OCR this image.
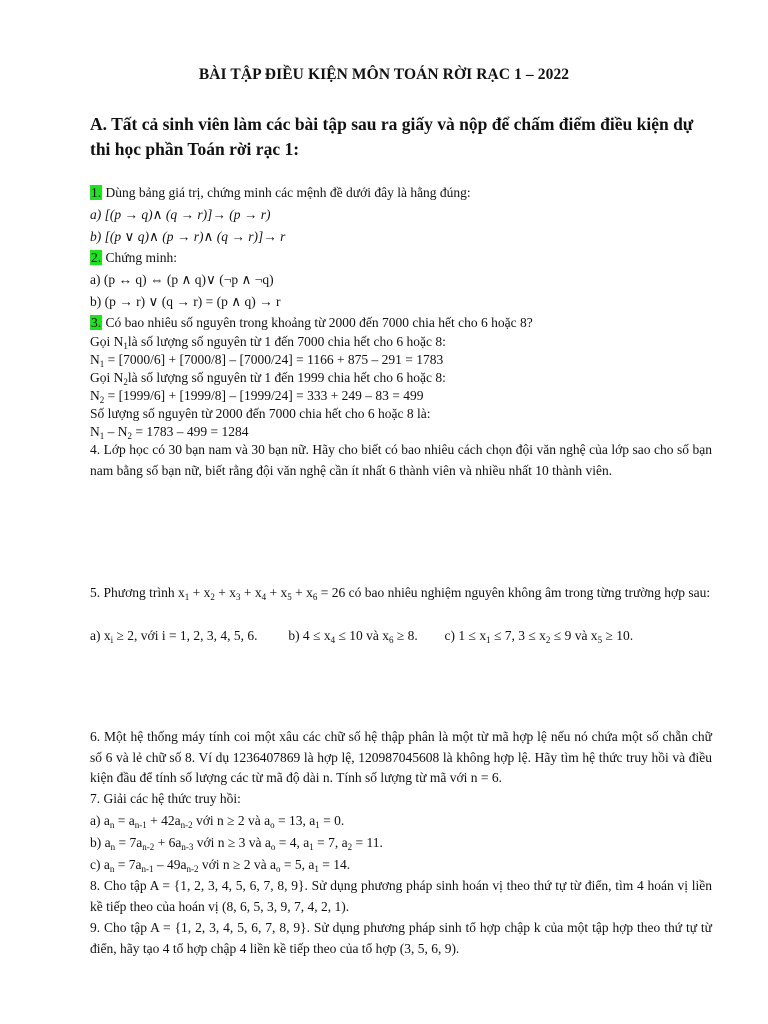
BÀI TẬP ĐIỀU KIỆN MÔN TOÁN RỜI RẠC 1 – 2022
A. Tất cả sinh viên làm các bài tập sau ra giấy và nộp để chấm điểm điều kiện dự thi học phần Toán rời rạc 1:
1. Dùng bảng giá trị, chứng minh các mệnh đề dưới đây là hằng đúng:
a) [(p → q)∧ (q → r)]→ (p → r)
b) [(p ∨ q)∧ (p → r)∧ (q → r)]→ r
2. Chứng minh:
a) (p ↔ q) ⇔ (p ∧ q)∨ (¬p ∧ ¬q)
b) (p → r) ∨ (q → r) = (p ∧ q) → r
3. Có bao nhiêu số nguyên trong khoảng từ 2000 đến 7000 chia hết cho 6 hoặc 8?
Gọi $N_1là$ số lượng số nguyên từ 1 đến 7000 chia hết cho 6 hoặc 8:
$N_1 = [7000/6] + [7000/8] - [7000/24] = 1166 + 875 - 291 = 1783$
Gọi $N_2là$ số lượng số nguyên từ 1 đến 1999 chia hết cho 6 hoặc 8:
$N_2 = [1999/6] + [1999/8] - [1999/24] = 333 + 249 - 83 = 499$
Số lượng số nguyên từ 2000 đến 7000 chia hết cho 6 hoặc 8 là:
$N_1 - N_2 = 1783 - 499 = 1284$
4. Lớp học có 30 bạn nam và 30 bạn nữ. Hãy cho biết có bao nhiêu cách chọn đội văn nghệ của lớp sao cho số bạn nam bằng số bạn nữ, biết rằng đội văn nghệ cần ít nhất 6 thành viên và nhiều nhất 10 thành viên.
5. Phương trình $x_1 + x_2 + x_3 + x_4 + x_5 + x_6 = 26$ có bao nhiêu nghiệm nguyên không âm trong từng trường hợp sau:
a) $x_i \ge 2$, với i = 1, 2, 3, 4, 5, 6. b) $4 \le x_4 \le 10$ và $x_6 \ge 8$. c) $1 \le x_1 \le 7$, $3 \le x_2 \le 9$ và $x_5 \ge 10$.
6. Một hệ thống máy tính coi một xâu các chữ số hệ thập phân là một từ mã hợp lệ nếu nó chứa một số chẵn chữ số 6 và lẻ chữ số 8. Ví dụ 1236407869 là hợp lệ, 120987045608 là không hợp lệ. Hãy tìm hệ thức truy hồi và điều kiện đầu để tính số lượng các từ mã độ dài n. Tính số lượng từ mã với n = 6.
7. Giải các hệ thức truy hồi:
a) $a_n = a_{n-1} + 42a_{n-2}$ với n ≥ 2 và $a_o = 13$, $a_1 = 0$.
b) $a_n = 7a_{n-2} + 6a_{n-3}$ với n ≥ 3 và $a_o = 4$, $a_1 = 7$, $a_2 = 11$.
c) $a_n = 7a_{n-1} - 49a_{n-2}$ với n ≥ 2 và $a_o = 5$, $a_1 = 14$.
8. Cho tập A = {1, 2, 3, 4, 5, 6, 7, 8, 9}. Sử dụng phương pháp sinh hoán vị theo thứ tự từ điển, tìm 4 hoán vị liền kề tiếp theo của hoán vị (8, 6, 5, 3, 9, 7, 4, 2, 1).
9. Cho tập A = {1, 2, 3, 4, 5, 6, 7, 8, 9}. Sử dụng phương pháp sinh tổ hợp chập k của một tập hợp theo thứ tự từ điển, hãy tạo 4 tổ hợp chập 4 liền kề tiếp theo của tổ hợp (3, 5, 6, 9).
